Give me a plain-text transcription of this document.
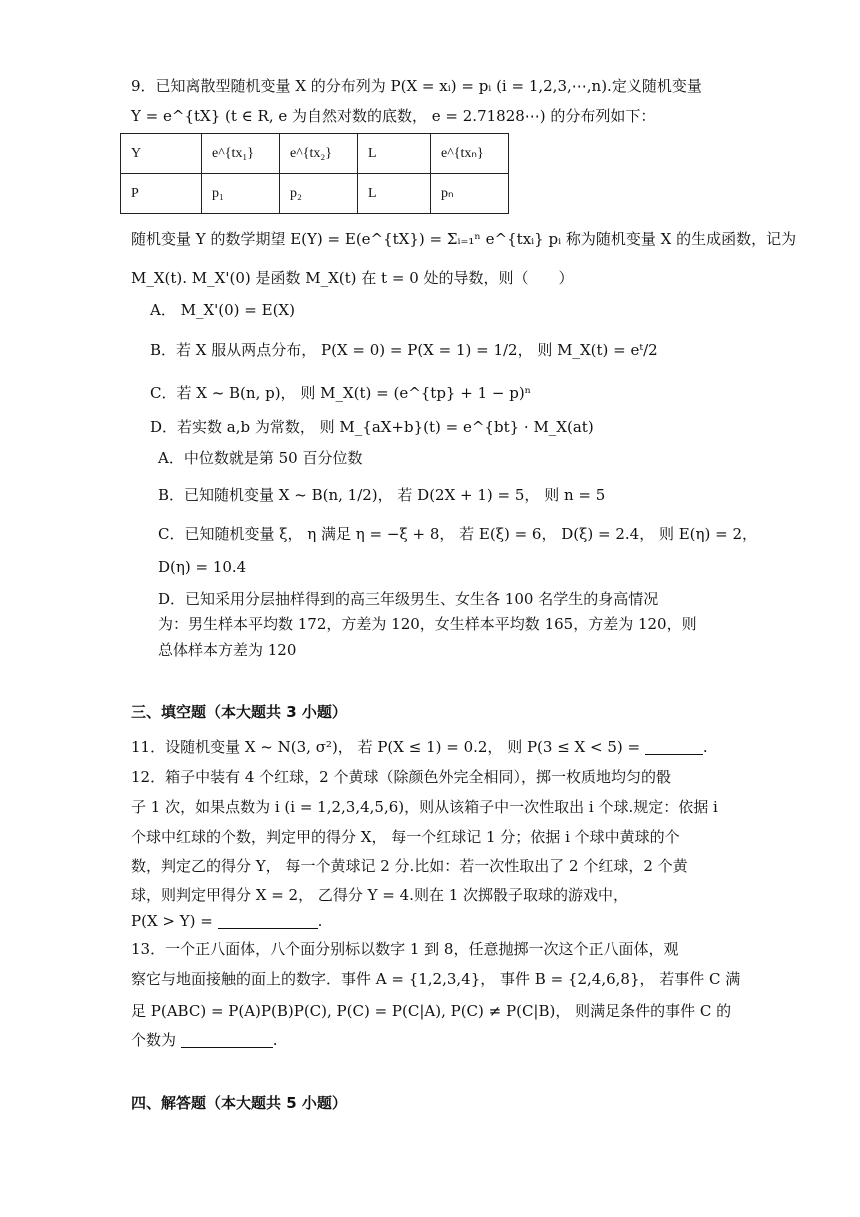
9．已知离散型随机变量 X 的分布列为 P(X = xᵢ) = pᵢ (i = 1,2,3,⋯,n).定义随机变量
Y = e^{tX} (t ∈ R, e 为自然对数的底数， e = 2.71828⋯) 的分布列如下：
Y	e^{tx₁}	e^{tx₂}	L	e^{txₙ}
P	p₁	p₂	L	pₙ
随机变量 Y 的数学期望 E(Y) = E(e^{tX}) = Σᵢ₌₁ⁿ e^{txᵢ} pᵢ 称为随机变量 X 的生成函数，记为
M_X(t). M_X'(0) 是函数 M_X(t) 在 t = 0 处的导数，则（　　）
A． M_X'(0) = E(X)
B．若 X 服从两点分布， P(X = 0) = P(X = 1) = 1/2， 则 M_X(t) = eᵗ/2
C．若 X ~ B(n, p)， 则 M_X(t) = (e^{tp} + 1 − p)ⁿ
D．若实数 a,b 为常数， 则 M_{aX+b}(t) = e^{bt} · M_X(at)
A．中位数就是第 50 百分位数
B．已知随机变量 X ~ B(n, 1/2)， 若 D(2X + 1) = 5， 则 n = 5
C．已知随机变量 ξ， η 满足 η = −ξ + 8， 若 E(ξ) = 6， D(ξ) = 2.4， 则 E(η) = 2，
D(η) = 10.4
D．已知采用分层抽样得到的高三年级男生、女生各 100 名学生的身高情况
为：男生样本平均数 172，方差为 120，女生样本平均数 165，方差为 120，则
总体样本方差为 120
三、填空题（本大题共 3 小题）
11．设随机变量 X ~ N(3, σ²)， 若 P(X ≤ 1) = 0.2， 则 P(3 ≤ X < 5) =	.
12．箱子中装有 4 个红球，2 个黄球（除颜色外完全相同），掷一枚质地均匀的骰
子 1 次，如果点数为 i (i = 1,2,3,4,5,6)，则从该箱子中一次性取出 i 个球.规定：依据 i
个球中红球的个数，判定甲的得分 X， 每一个红球记 1 分；依据 i 个球中黄球的个
数，判定乙的得分 Y， 每一个黄球记 2 分.比如：若一次性取出了 2 个红球，2 个黄
球，则判定甲得分 X = 2， 乙得分 Y = 4.则在 1 次掷骰子取球的游戏中，
P(X > Y) =	.
13．一个正八面体，八个面分别标以数字 1 到 8，任意抛掷一次这个正八面体，观
察它与地面接触的面上的数字．事件 A = {1,2,3,4}， 事件 B = {2,4,6,8}， 若事件 C 满
足 P(ABC) = P(A)P(B)P(C), P(C) = P(C|A), P(C) ≠ P(C|B)， 则满足条件的事件 C 的
个数为	.
四、解答题（本大题共 5 小题）
